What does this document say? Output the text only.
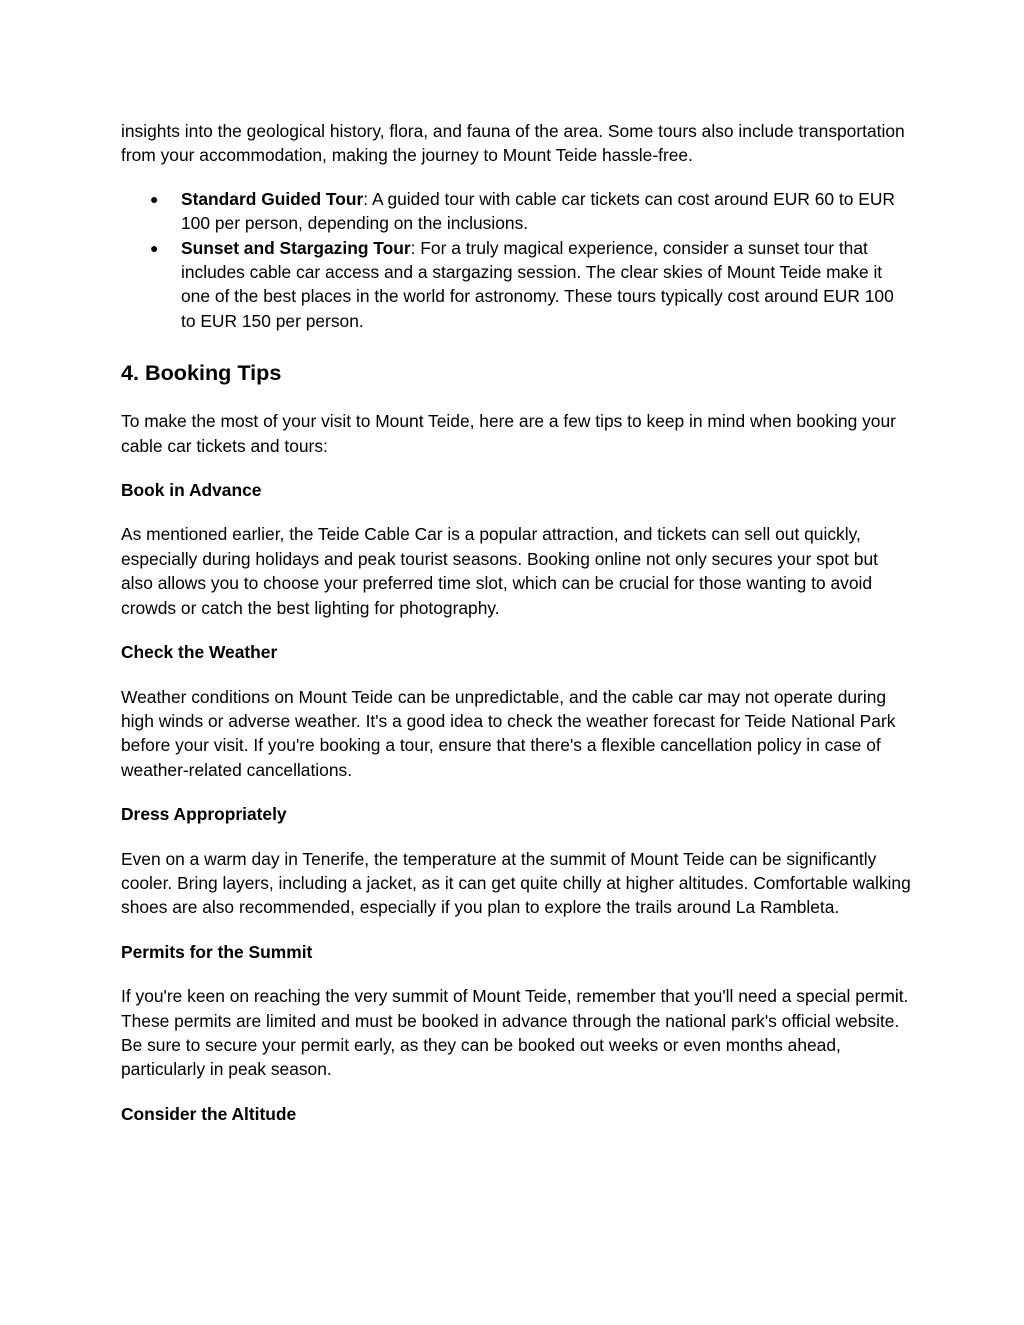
insights into the geological history, flora, and fauna of the area. Some tours also include transportation from your accommodation, making the journey to Mount Teide hassle-free.

● Standard Guided Tour: A guided tour with cable car tickets can cost around EUR 60 to EUR 100 per person, depending on the inclusions.
● Sunset and Stargazing Tour: For a truly magical experience, consider a sunset tour that includes cable car access and a stargazing session. The clear skies of Mount Teide make it one of the best places in the world for astronomy. These tours typically cost around EUR 100 to EUR 150 per person.
4. Booking Tips

To make the most of your visit to Mount Teide, here are a few tips to keep in mind when booking your cable car tickets and tours:

Book in Advance

As mentioned earlier, the Teide Cable Car is a popular attraction, and tickets can sell out quickly, especially during holidays and peak tourist seasons. Booking online not only secures your spot but also allows you to choose your preferred time slot, which can be crucial for those wanting to avoid crowds or catch the best lighting for photography.

Check the Weather

Weather conditions on Mount Teide can be unpredictable, and the cable car may not operate during high winds or adverse weather. It's a good idea to check the weather forecast for Teide National Park before your visit. If you're booking a tour, ensure that there's a flexible cancellation policy in case of weather-related cancellations.

Dress Appropriately

Even on a warm day in Tenerife, the temperature at the summit of Mount Teide can be significantly cooler. Bring layers, including a jacket, as it can get quite chilly at higher altitudes. Comfortable walking shoes are also recommended, especially if you plan to explore the trails around La Rambleta.

Permits for the Summit

If you're keen on reaching the very summit of Mount Teide, remember that you'll need a special permit. These permits are limited and must be booked in advance through the national park's official website. Be sure to secure your permit early, as they can be booked out weeks or even months ahead, particularly in peak season.

Consider the Altitude
